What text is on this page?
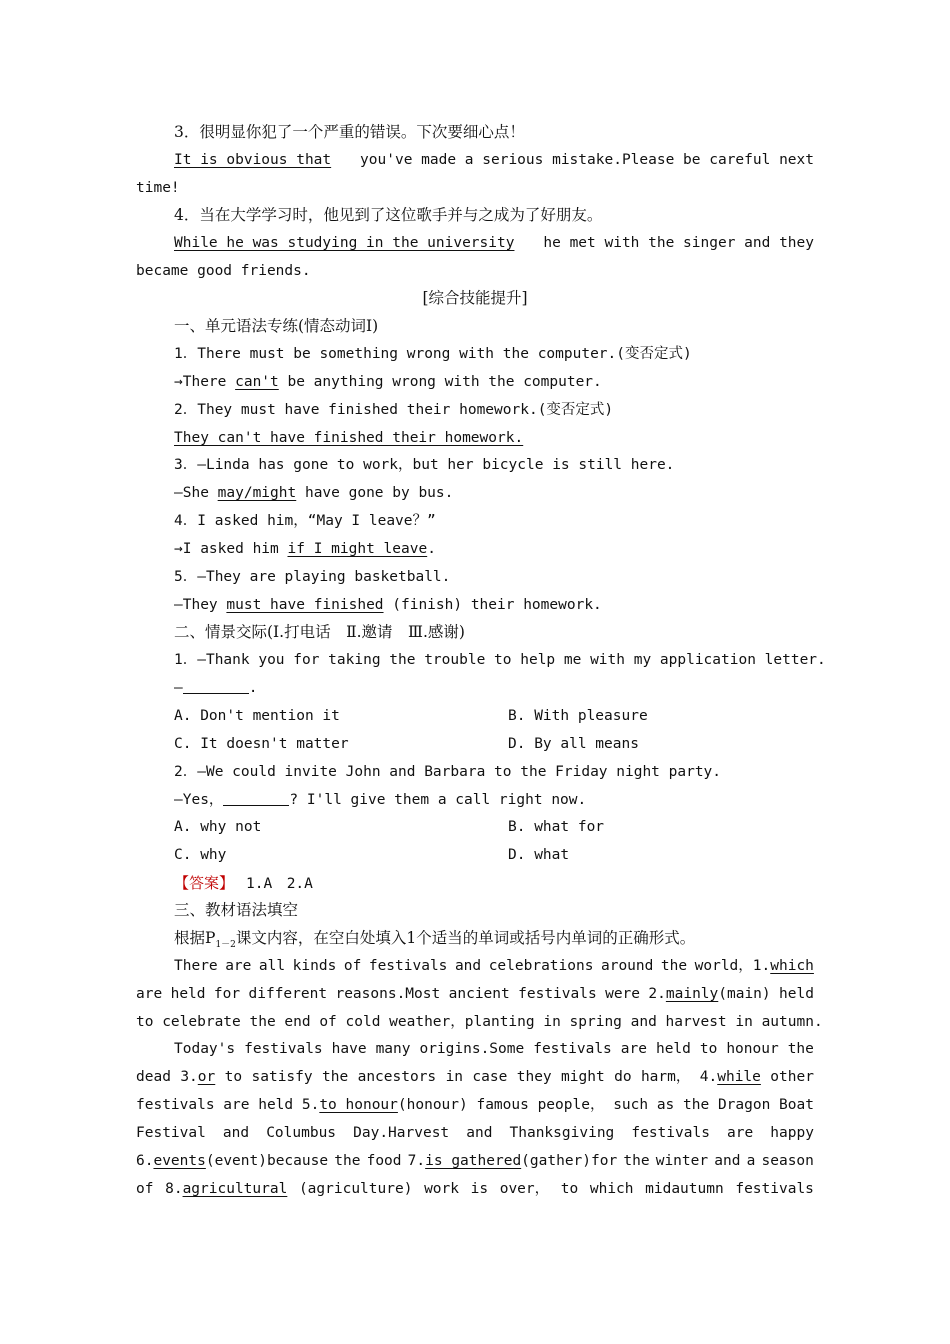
3．很明显你犯了一个严重的错误。下次要细心点！
It is obvious that you've made a serious mistake.Please be careful next
time!
4．当在大学学习时，他见到了这位歌手并与之成为了好朋友。
While he was studying in the university he met with the singer and they
became good friends.
[综合技能提升]
一、单元语法专练(情态动词Ⅰ)
1．There must be something wrong with the computer.(变否定式)
→There can't be anything wrong with the computer.
2．They must have finished their homework.(变否定式)
They can't have finished their homework.
3．—Linda has gone to work，but her bicycle is still here.
—She may/might have gone by bus.
4．I asked him，“May I leave？”
→I asked him if I might leave.
5．—They are playing basketball.
—They must have finished (finish) their homework.
二、情景交际(Ⅰ.打电话　Ⅱ.邀请　Ⅲ.感谢)
1．—Thank you for taking the trouble to help me with my application letter.
—	.
A. Don't mention it	B. With pleasure
C. It doesn't matter	D. By all means
2．—We could invite John and Barbara to the Friday night party.
—Yes，	? I'll give them a call right now.
A. why not	B. what for
C. why	D. what
【答案】 1.A　2.A
三、教材语法填空
根据$P_{1-2}$课文内容，在空白处填入1个适当的单词或括号内单词的正确形式。
There are all kinds of festivals and celebrations around the world，1.which
are held for different reasons.Most ancient festivals were 2.mainly(main) held
to celebrate the end of cold weather，planting in spring and harvest in autumn.
Today's festivals have many origins.Some festivals are held to honour the
dead 3.or to satisfy the ancestors in case they might do harm， 4.while other
festivals are held 5.to honour(honour) famous people， such as the Dragon Boat
Festival and Columbus Day.Harvest and Thanksgiving festivals are happy
6.events(event)because the food 7.is gathered(gather)for the winter and a season
of 8.agricultural (agriculture) work is over， to which midautumn festivals
